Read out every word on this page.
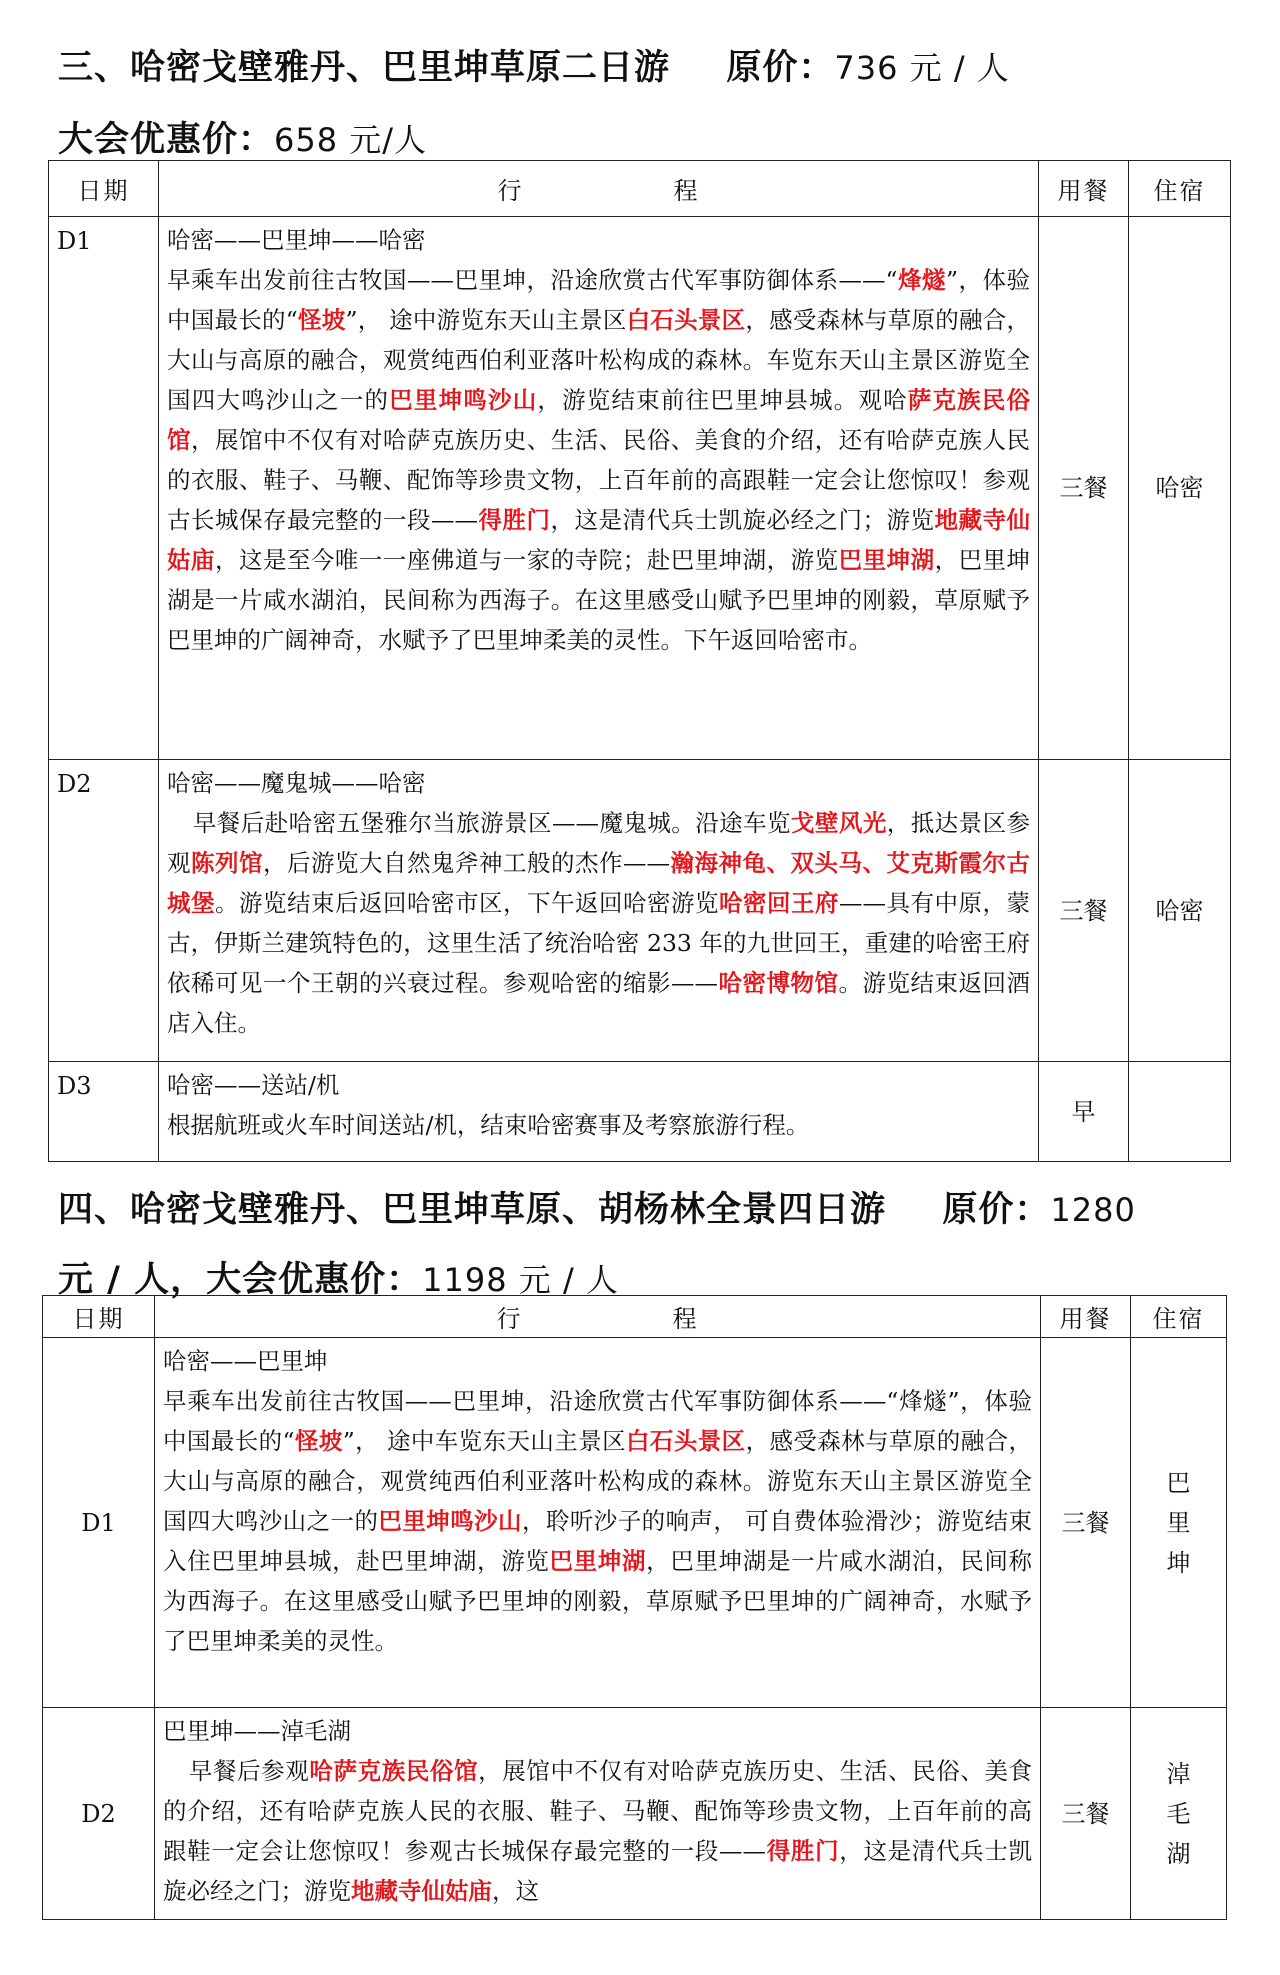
三、哈密戈壁雅丹、巴里坤草原二日游 原价：736 元 / 人
大会优惠价：658 元/人
日期	行 程	用餐	住宿
D1	哈密——巴里坤——哈密
早乘车出发前往古牧国——巴里坤，沿途欣赏古代军事防御体系——“烽燧”，体验中国最长的“怪坡”， 途中游览东天山主景区白石头景区，感受森林与草原的融合，大山与高原的融合，观赏纯西伯利亚落叶松构成的森林。车览东天山主景区游览全国四大鸣沙山之一的巴里坤鸣沙山，游览结束前往巴里坤县城。观哈萨克族民俗馆，展馆中不仅有对哈萨克族历史、生活、民俗、美食的介绍，还有哈萨克族人民的衣服、鞋子、马鞭、配饰等珍贵文物，上百年前的高跟鞋一定会让您惊叹！参观古长城保存最完整的一段——得胜门，这是清代兵士凯旋必经之门；游览地藏寺仙姑庙，这是至今唯一一座佛道与一家的寺院；赴巴里坤湖，游览巴里坤湖，巴里坤湖是一片咸水湖泊，民间称为西海子。在这里感受山赋予巴里坤的刚毅，草原赋予巴里坤的广阔神奇，水赋予了巴里坤柔美的灵性。下午返回哈密市。	三餐	哈密
D2	哈密——魔鬼城——哈密
早餐后赴哈密五堡雅尔当旅游景区——魔鬼城。沿途车览戈壁风光，抵达景区参观陈列馆，后游览大自然鬼斧神工般的杰作——瀚海神龟、双头马、艾克斯霞尔古城堡。游览结束后返回哈密市区，下午返回哈密游览哈密回王府——具有中原，蒙古，伊斯兰建筑特色的，这里生活了统治哈密 233 年的九世回王，重建的哈密王府依稀可见一个王朝的兴衰过程。参观哈密的缩影——哈密博物馆。游览结束返回酒店入住。	三餐	哈密
D3	哈密——送站/机
根据航班或火车时间送站/机，结束哈密赛事及考察旅游行程。	早	
四、哈密戈壁雅丹、巴里坤草原、胡杨林全景四日游 原价：1280
元 / 人，大会优惠价：1198 元 / 人
日期	行 程	用餐	住宿
D1	哈密——巴里坤
早乘车出发前往古牧国——巴里坤，沿途欣赏古代军事防御体系——“烽燧”，体验中国最长的“怪坡”， 途中车览东天山主景区白石头景区，感受森林与草原的融合，大山与高原的融合，观赏纯西伯利亚落叶松构成的森林。游览东天山主景区游览全国四大鸣沙山之一的巴里坤鸣沙山，聆听沙子的响声， 可自费体验滑沙；游览结束入住巴里坤县城，赴巴里坤湖，游览巴里坤湖，巴里坤湖是一片咸水湖泊，民间称为西海子。在这里感受山赋予巴里坤的刚毅，草原赋予巴里坤的广阔神奇，水赋予了巴里坤柔美的灵性。	三餐	巴里坤
D2	巴里坤——淖毛湖
早餐后参观哈萨克族民俗馆，展馆中不仅有对哈萨克族历史、生活、民俗、美食的介绍，还有哈萨克族人民的衣服、鞋子、马鞭、配饰等珍贵文物，上百年前的高跟鞋一定会让您惊叹！参观古长城保存最完整的一段——得胜门，这是清代兵士凯旋必经之门；游览地藏寺仙姑庙，这	三餐	淖毛湖
